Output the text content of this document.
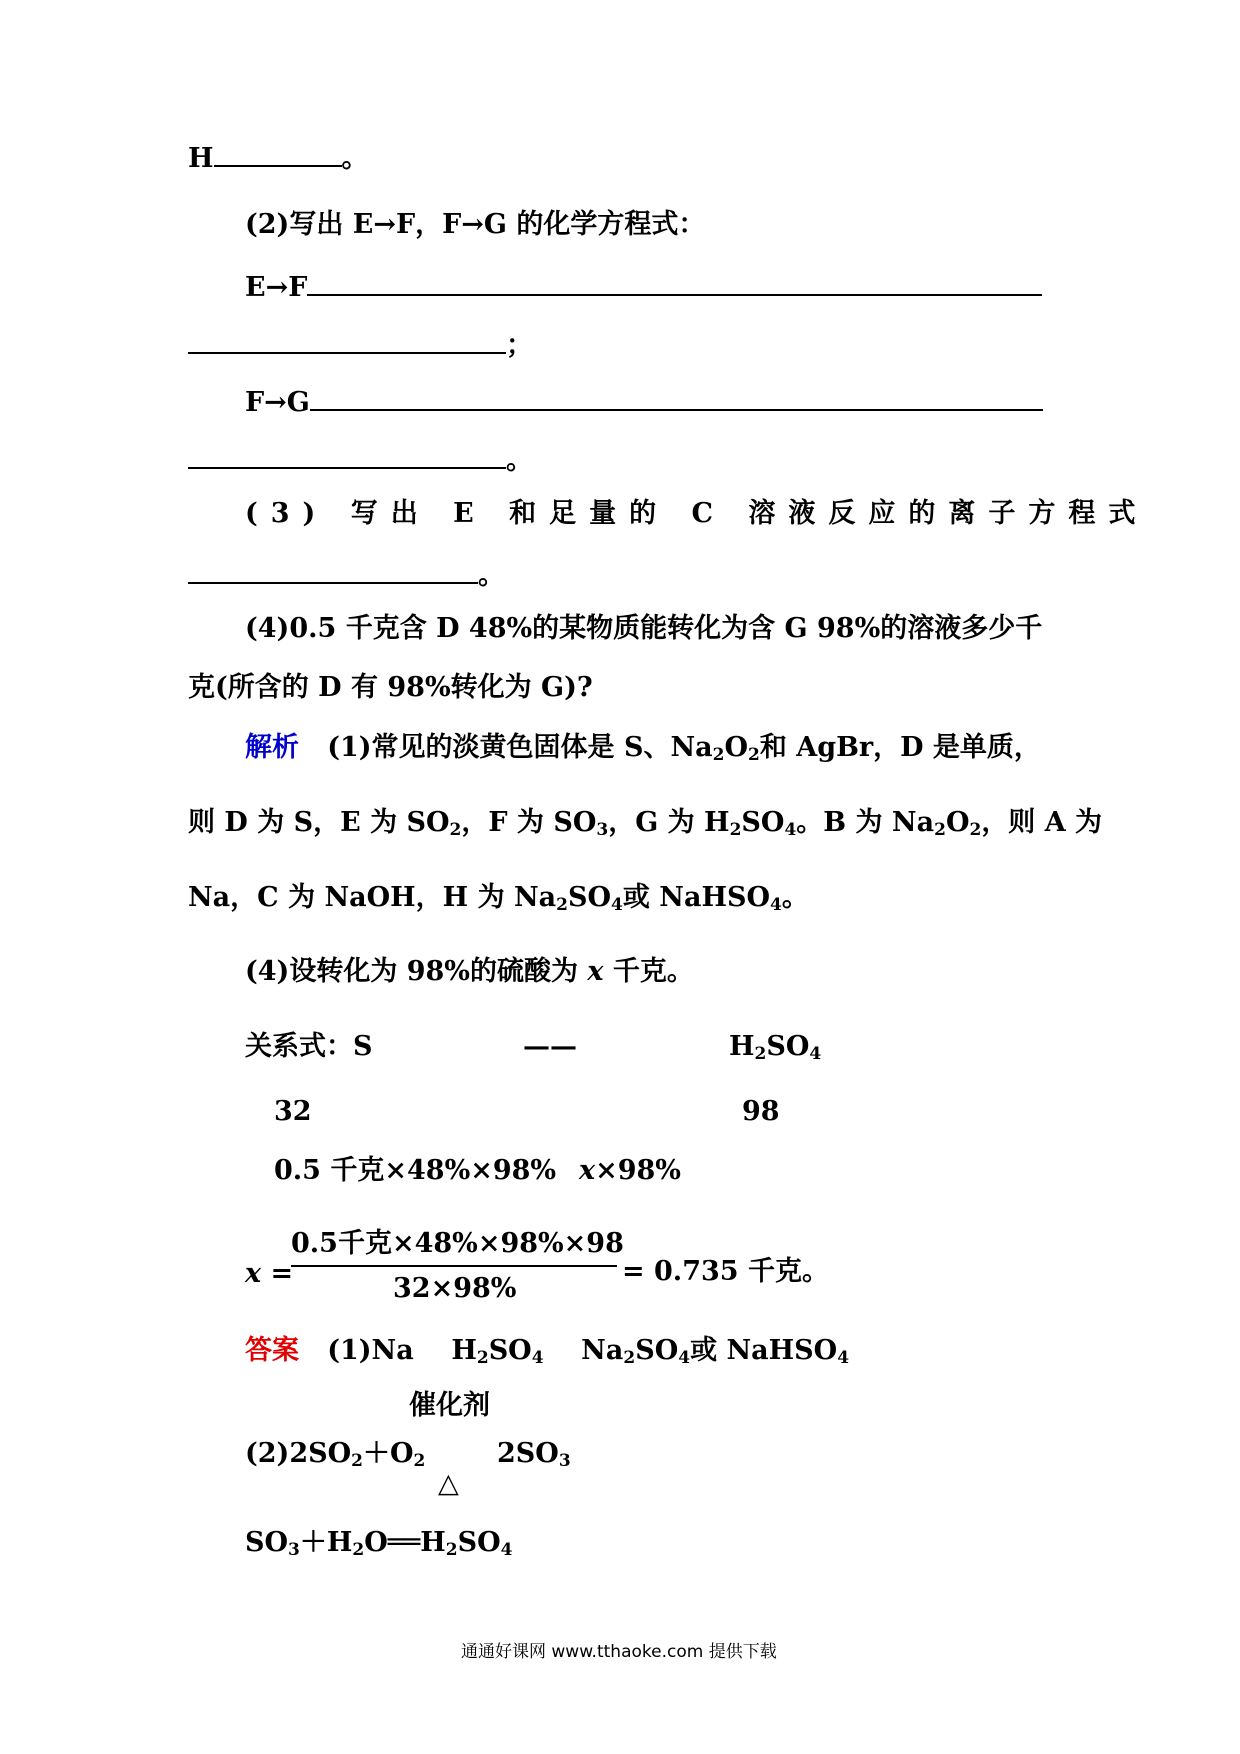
H	。
(2)写出 E→F，F→G 的化学方程式：
E→F
；
F→G
。
(3) 写出 E 和足量的 C 溶液反应的离子方程式
。
(4)0.5 千克含 D 48%的某物质能转化为含 G 98%的溶液多少千
克(所含的 D 有 98%转化为 G)?
解析 (1)常见的淡黄色固体是 S、$Na_2O_2$和 AgBr，D 是单质，
则 D 为 S，E 为 $SO_2$，F 为 $SO_3$，G 为 $H_2SO_4$。B 为 $Na_2O_2$，则 A 为
Na，C 为 NaOH，H 为 $Na_2SO_4$或 NaHSO$_4$。
(4)设转化为 98%的硫酸为 x 千克。
关系式：S	——	$H_2SO_4$
32	98
0.5 千克×48%×98% x×98%
x =
0.5千克×48%×98%×98
32×98%
= 0.735 千克。
答案 (1)Na $H_2SO_4$ $Na_2SO_4$或 NaHSO$_4$
催化剂
$(2)2SO_2+O_2$	$2SO_3$
△
$SO_3+H_2O══H_2SO_4$
通通好课网 www.tthaoke.com 提供下载
